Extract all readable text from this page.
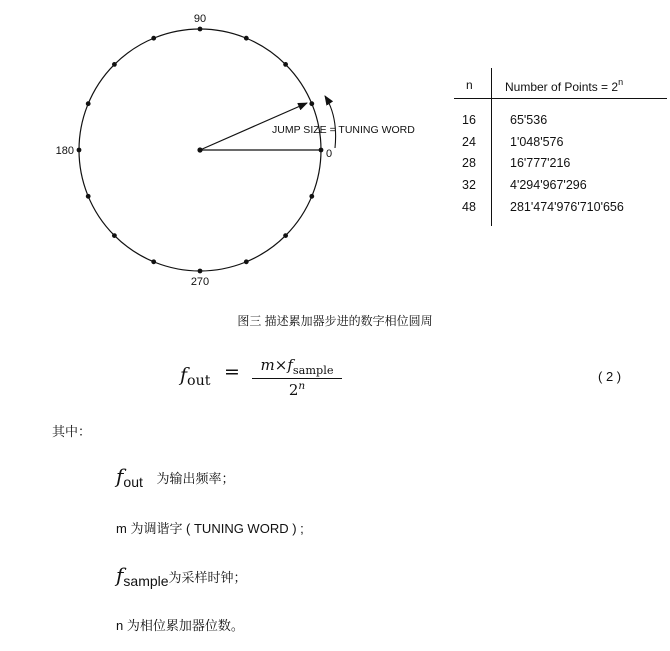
90
180
270
0
JUMP SIZE = TUNING WORD
n	Number of Points = $2^n$
16	65'536
24	1'048'576
28	16'777'216
32	4'294'967'296
48	281'474'976'710'656
图三 描述累加器步进的数字相位圆周
$f_{out}$ =	$m\times f_{sample}$
2$^n$
( 2 )
其中：
fout 为输出频率；
m 为调谐字 ( TUNING WORD ) ;
fsample为采样时钟；
n 为相位累加器位数。
